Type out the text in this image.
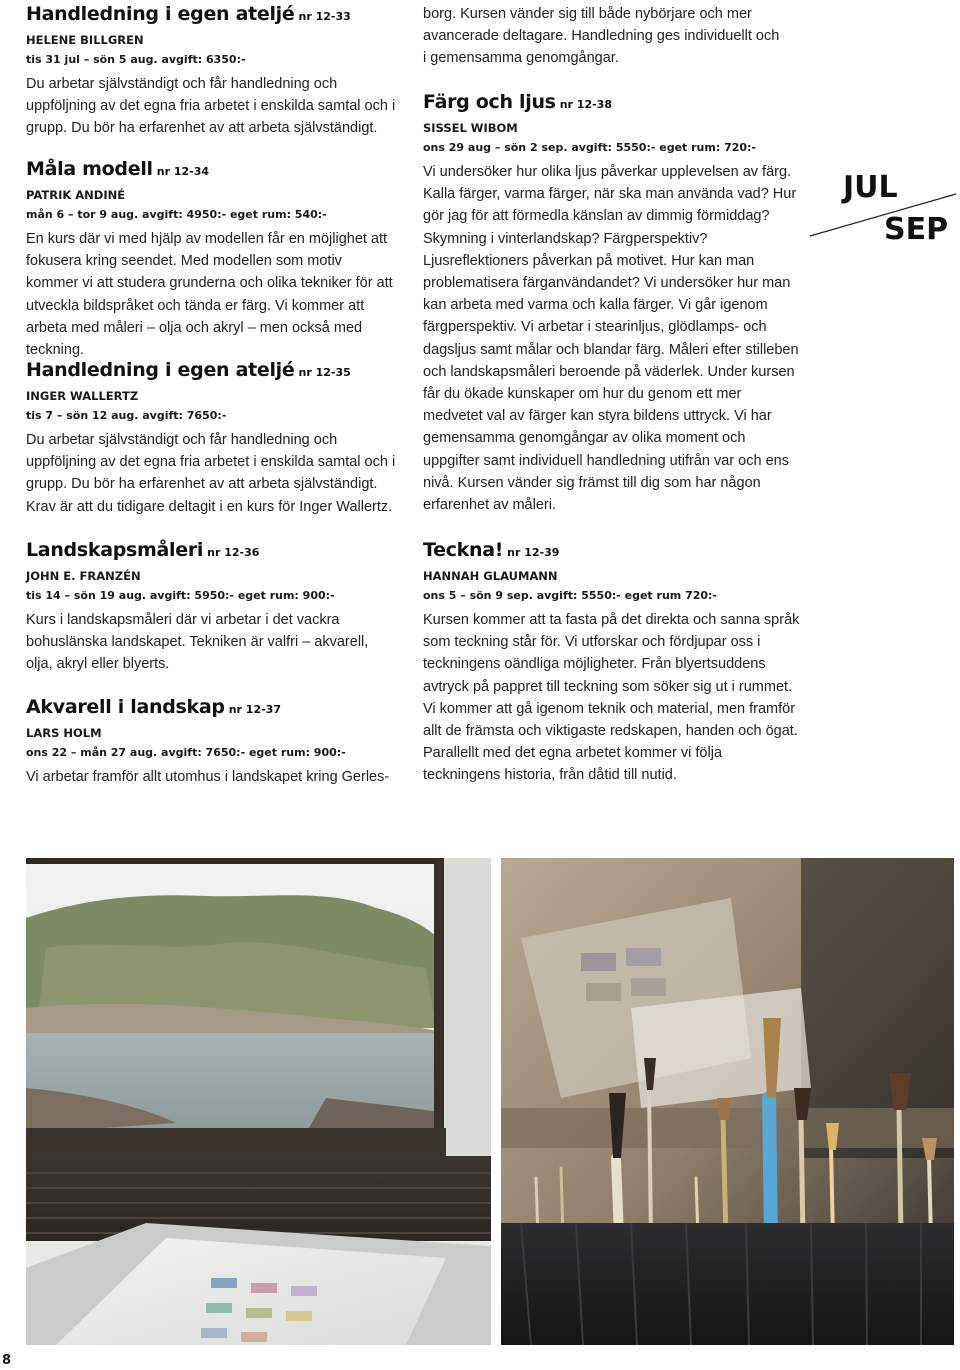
Handledning i egen ateljé nr 12-33
HELENE BILLGREN
tis 31 jul – sön 5 aug. avgift: 6350:-

Du arbetar självständigt och får handledning och uppföljning av det egna fria arbetet i enskilda samtal och i grupp. Du bör ha erfarenhet av att arbeta självständigt.

Måla modell nr 12-34
PATRIK ANDINÉ
mån 6 – tor 9 aug. avgift: 4950:- eget rum: 540:-

En kurs där vi med hjälp av modellen får en möjlighet att fokusera kring seendet. Med modellen som motiv kommer vi att studera grunderna och olika tekniker för att utveckla bildspråket och tända er färg. Vi kommer att arbeta med måleri – olja och akryl – men också med teckning.

Handledning i egen ateljé nr 12-35
INGER WALLERTZ
tis 7 – sön 12 aug. avgift: 7650:-

Du arbetar självständigt och får handledning och uppföljning av det egna fria arbetet i enskilda samtal och i grupp. Du bör ha erfarenhet av att arbeta självständigt. Krav är att du tidigare deltagit i en kurs för Inger Wallertz.

Landskapsmåleri nr 12-36
JOHN E. FRANZÉN
tis 14 – sön 19 aug. avgift: 5950:- eget rum: 900:-

Kurs i landskapsmåleri där vi arbetar i det vackra bohuslänska landskapet. Tekniken är valfri – akvarell, olja, akryl eller blyerts.

Akvarell i landskap nr 12-37
LARS HOLM
ons 22 – mån 27 aug. avgift: 7650:- eget rum: 900:-

Vi arbetar framför allt utomhus i landskapet kring Gerles-

borg. Kursen vänder sig till både nybörjare och mer avancerade deltagare. Handledning ges individuellt och i gemensamma genomgångar.

Färg och ljus nr 12-38
SISSEL WIBOM
ons 29 aug – sön 2 sep. avgift: 5550:- eget rum: 720:-

Vi undersöker hur olika ljus påverkar upplevelsen av färg. Kalla färger, varma färger, när ska man använda vad? Hur gör jag för att förmedla känslan av dimmig förmiddag? Skymning i vinterlandskap? Färgperspektiv? Ljusreflektioners påverkan på motivet. Hur kan man problematisera färganvändandet? Vi undersöker hur man kan arbeta med varma och kalla färger. Vi går igenom färgperspektiv. Vi arbetar i stearinljus, glödlamps- och dagsljus samt målar och blandar färg. Måleri efter stilleben och landskapsmåleri beroende på väderlek. Under kursen får du ökade kunskaper om hur du genom ett mer medvetet val av färger kan styra bildens uttryck. Vi har gemensamma genomgångar av olika moment och uppgifter samt individuell handledning utifrån var och ens nivå. Kursen vänder sig främst till dig som har någon erfarenhet av måleri.

Teckna! nr 12-39
HANNAH GLAUMANN
ons 5 – sön 9 sep. avgift: 5550:- eget rum 720:-

Kursen kommer att ta fasta på det direkta och sanna språk som teckning står för. Vi utforskar och fördjupar oss i teckningens oändliga möjligheter. Från blyertsuddens avtryck på pappret till teckning som söker sig ut i rummet. Vi kommer att gå igenom teknik och material, men framför allt de främsta och viktigaste redskapen, handen och ögat. Parallellt med det egna arbetet kommer vi följa teckningens historia, från dåtid till nutid.

JUL
SEP
8
